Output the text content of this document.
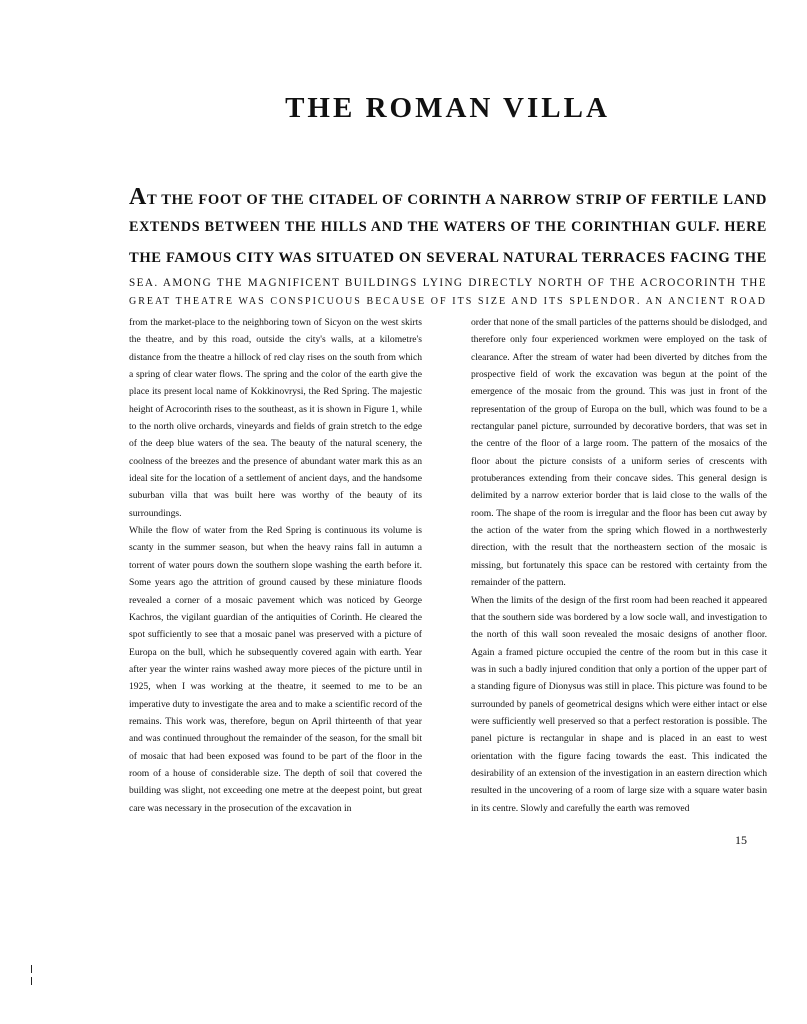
THE ROMAN VILLA
AT THE FOOT OF THE CITADEL OF CORINTH A NARROW STRIP OF FERTILE LAND
EXTENDS BETWEEN THE HILLS AND THE WATERS OF THE CORINTHIAN GULF. HERE
THE FAMOUS CITY WAS SITUATED ON SEVERAL NATURAL TERRACES FACING THE
SEA. AMONG THE MAGNIFICENT BUILDINGS LYING DIRECTLY NORTH OF THE ACROCORINTH THE
GREAT THEATRE WAS CONSPICUOUS BECAUSE OF ITS SIZE AND ITS SPLENDOR. AN ANCIENT ROAD

from the market-place to the neighboring town of Sicyon on the west skirts the theatre, and by this road, outside the city's walls, at a kilometre's distance from the theatre a hillock of red clay rises on the south from which a spring of clear water flows. The spring and the color of the earth give the place its present local name of Kokkinovrysi, the Red Spring. The majestic height of Acrocorinth rises to the southeast, as it is shown in Figure 1, while to the north olive orchards, vineyards and fields of grain stretch to the edge of the deep blue waters of the sea. The beauty of the natural scenery, the coolness of the breezes and the presence of abundant water mark this as an ideal site for the location of a settlement of ancient days, and the handsome suburban villa that was built here was worthy of the beauty of its surroundings.

While the flow of water from the Red Spring is continuous its volume is scanty in the summer season, but when the heavy rains fall in autumn a torrent of water pours down the southern slope washing the earth before it. Some years ago the attrition of ground caused by these miniature floods revealed a corner of a mosaic pavement which was noticed by George Kachros, the vigilant guardian of the antiquities of Corinth. He cleared the spot sufficiently to see that a mosaic panel was preserved with a picture of Europa on the bull, which he subsequently covered again with earth. Year after year the winter rains washed away more pieces of the picture until in 1925, when I was working at the theatre, it seemed to me to be an imperative duty to investigate the area and to make a scientific record of the remains. This work was, therefore, begun on April thirteenth of that year and was continued throughout the remainder of the season, for the small bit of mosaic that had been exposed was found to be part of the floor in the room of a house of considerable size. The depth of soil that covered the building was slight, not exceeding one metre at the deepest point, but great care was necessary in the prosecution of the excavation in

order that none of the small particles of the patterns should be dislodged, and therefore only four experienced workmen were employed on the task of clearance. After the stream of water had been diverted by ditches from the prospective field of work the excavation was begun at the point of the emergence of the mosaic from the ground. This was just in front of the representation of the group of Europa on the bull, which was found to be a rectangular panel picture, surrounded by decorative borders, that was set in the centre of the floor of a large room. The pattern of the mosaics of the floor about the picture consists of a uniform series of crescents with protuberances extending from their concave sides. This general design is delimited by a narrow exterior border that is laid close to the walls of the room. The shape of the room is irregular and the floor has been cut away by the action of the water from the spring which flowed in a northwesterly direction, with the result that the northeastern section of the mosaic is missing, but fortunately this space can be restored with certainty from the remainder of the pattern.

When the limits of the design of the first room had been reached it appeared that the southern side was bordered by a low socle wall, and investigation to the north of this wall soon revealed the mosaic designs of another floor. Again a framed picture occupied the centre of the room but in this case it was in such a badly injured condition that only a portion of the upper part of a standing figure of Dionysus was still in place. This picture was found to be surrounded by panels of geometrical designs which were either intact or else were sufficiently well preserved so that a perfect restoration is possible. The panel picture is rectangular in shape and is placed in an east to west orientation with the figure facing towards the east. This indicated the desirability of an extension of the investigation in an eastern direction which resulted in the uncovering of a room of large size with a square water basin in its centre. Slowly and carefully the earth was removed

15
